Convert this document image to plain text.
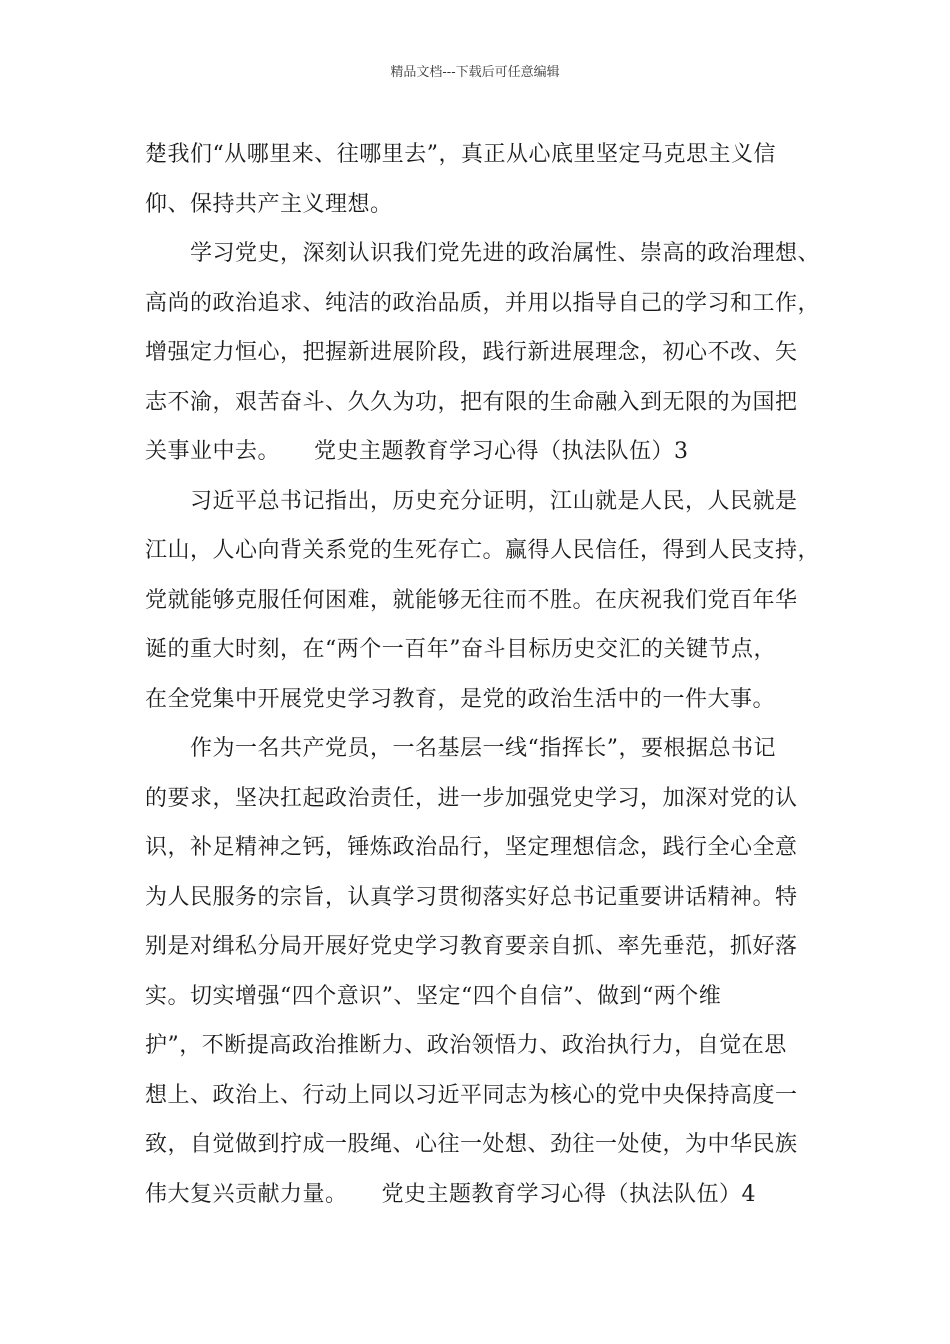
精品文档---下载后可任意编辑
楚我们“从哪里来、往哪里去”，真正从心底里坚定马克思主义信
仰、保持共产主义理想。
　　学习党史，深刻认识我们党先进的政治属性、崇高的政治理想、
高尚的政治追求、纯洁的政治品质，并用以指导自己的学习和工作，
增强定力恒心，把握新进展阶段，践行新进展理念，初心不改、矢
志不渝，艰苦奋斗、久久为功，把有限的生命融入到无限的为国把
关事业中去。　　党史主题教育学习心得（执法队伍）3
　　习近平总书记指出，历史充分证明，江山就是人民，人民就是
江山，人心向背关系党的生死存亡。赢得人民信任，得到人民支持，
党就能够克服任何困难，就能够无往而不胜。在庆祝我们党百年华
诞的重大时刻，在“两个一百年”奋斗目标历史交汇的关键节点，
在全党集中开展党史学习教育，是党的政治生活中的一件大事。
　　作为一名共产党员，一名基层一线“指挥长”，要根据总书记
的要求，坚决扛起政治责任，进一步加强党史学习，加深对党的认
识，补足精神之钙，锤炼政治品行，坚定理想信念，践行全心全意
为人民服务的宗旨，认真学习贯彻落实好总书记重要讲话精神。特
别是对缉私分局开展好党史学习教育要亲自抓、率先垂范，抓好落
实。切实增强“四个意识”、坚定“四个自信”、做到“两个维
护”，不断提高政治推断力、政治领悟力、政治执行力，自觉在思
想上、政治上、行动上同以习近平同志为核心的党中央保持高度一
致，自觉做到拧成一股绳、心往一处想、劲往一处使，为中华民族
伟大复兴贡献力量。　　党史主题教育学习心得（执法队伍）4
